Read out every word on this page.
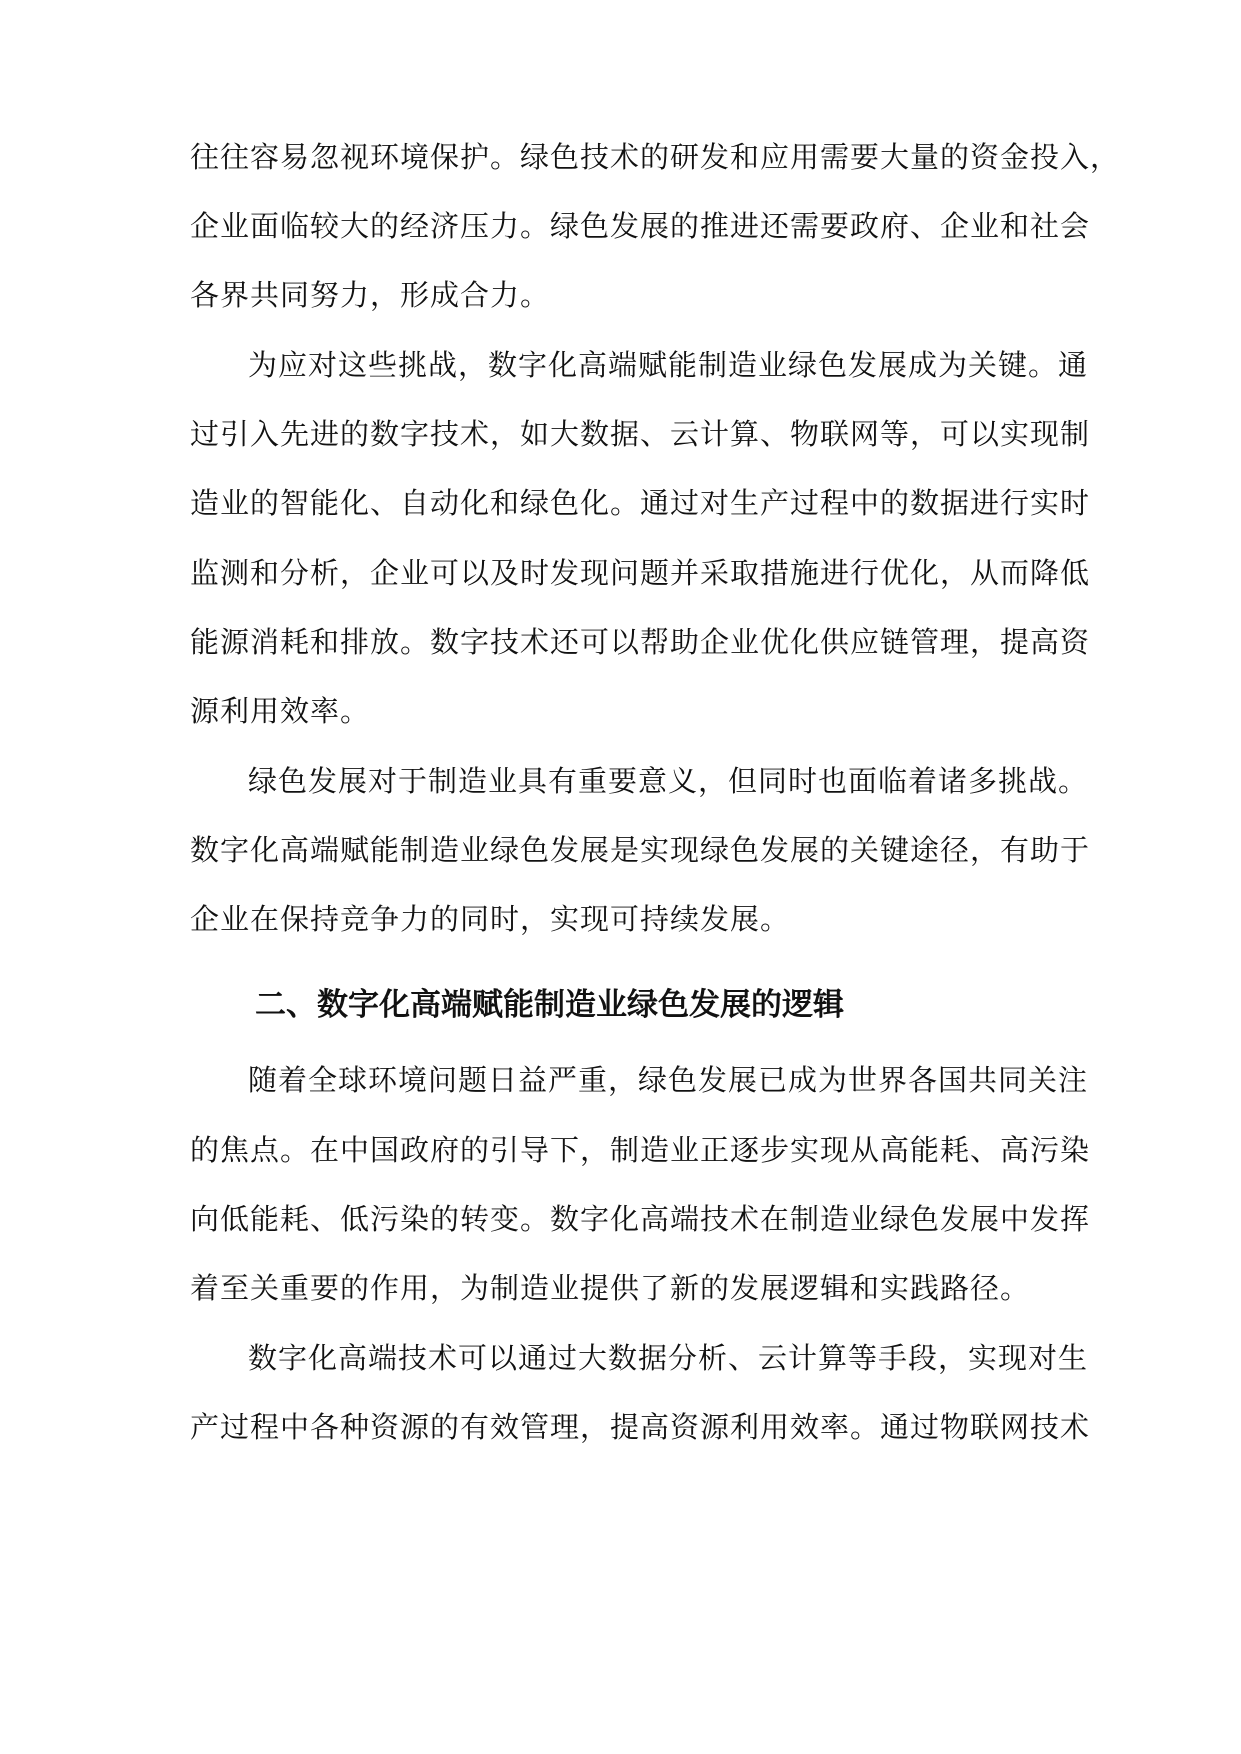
往往容易忽视环境保护。绿色技术的研发和应用需要大量的资金投入，
企业面临较大的经济压力。绿色发展的推进还需要政府、企业和社会
各界共同努力，形成合力。
为应对这些挑战，数字化高端赋能制造业绿色发展成为关键。通
过引入先进的数字技术，如大数据、云计算、物联网等，可以实现制
造业的智能化、自动化和绿色化。通过对生产过程中的数据进行实时
监测和分析，企业可以及时发现问题并采取措施进行优化，从而降低
能源消耗和排放。数字技术还可以帮助企业优化供应链管理，提高资
源利用效率。
绿色发展对于制造业具有重要意义，但同时也面临着诸多挑战。
数字化高端赋能制造业绿色发展是实现绿色发展的关键途径，有助于
企业在保持竞争力的同时，实现可持续发展。
二、数字化高端赋能制造业绿色发展的逻辑
随着全球环境问题日益严重，绿色发展已成为世界各国共同关注
的焦点。在中国政府的引导下，制造业正逐步实现从高能耗、高污染
向低能耗、低污染的转变。数字化高端技术在制造业绿色发展中发挥
着至关重要的作用，为制造业提供了新的发展逻辑和实践路径。
数字化高端技术可以通过大数据分析、云计算等手段，实现对生
产过程中各种资源的有效管理，提高资源利用效率。通过物联网技术
